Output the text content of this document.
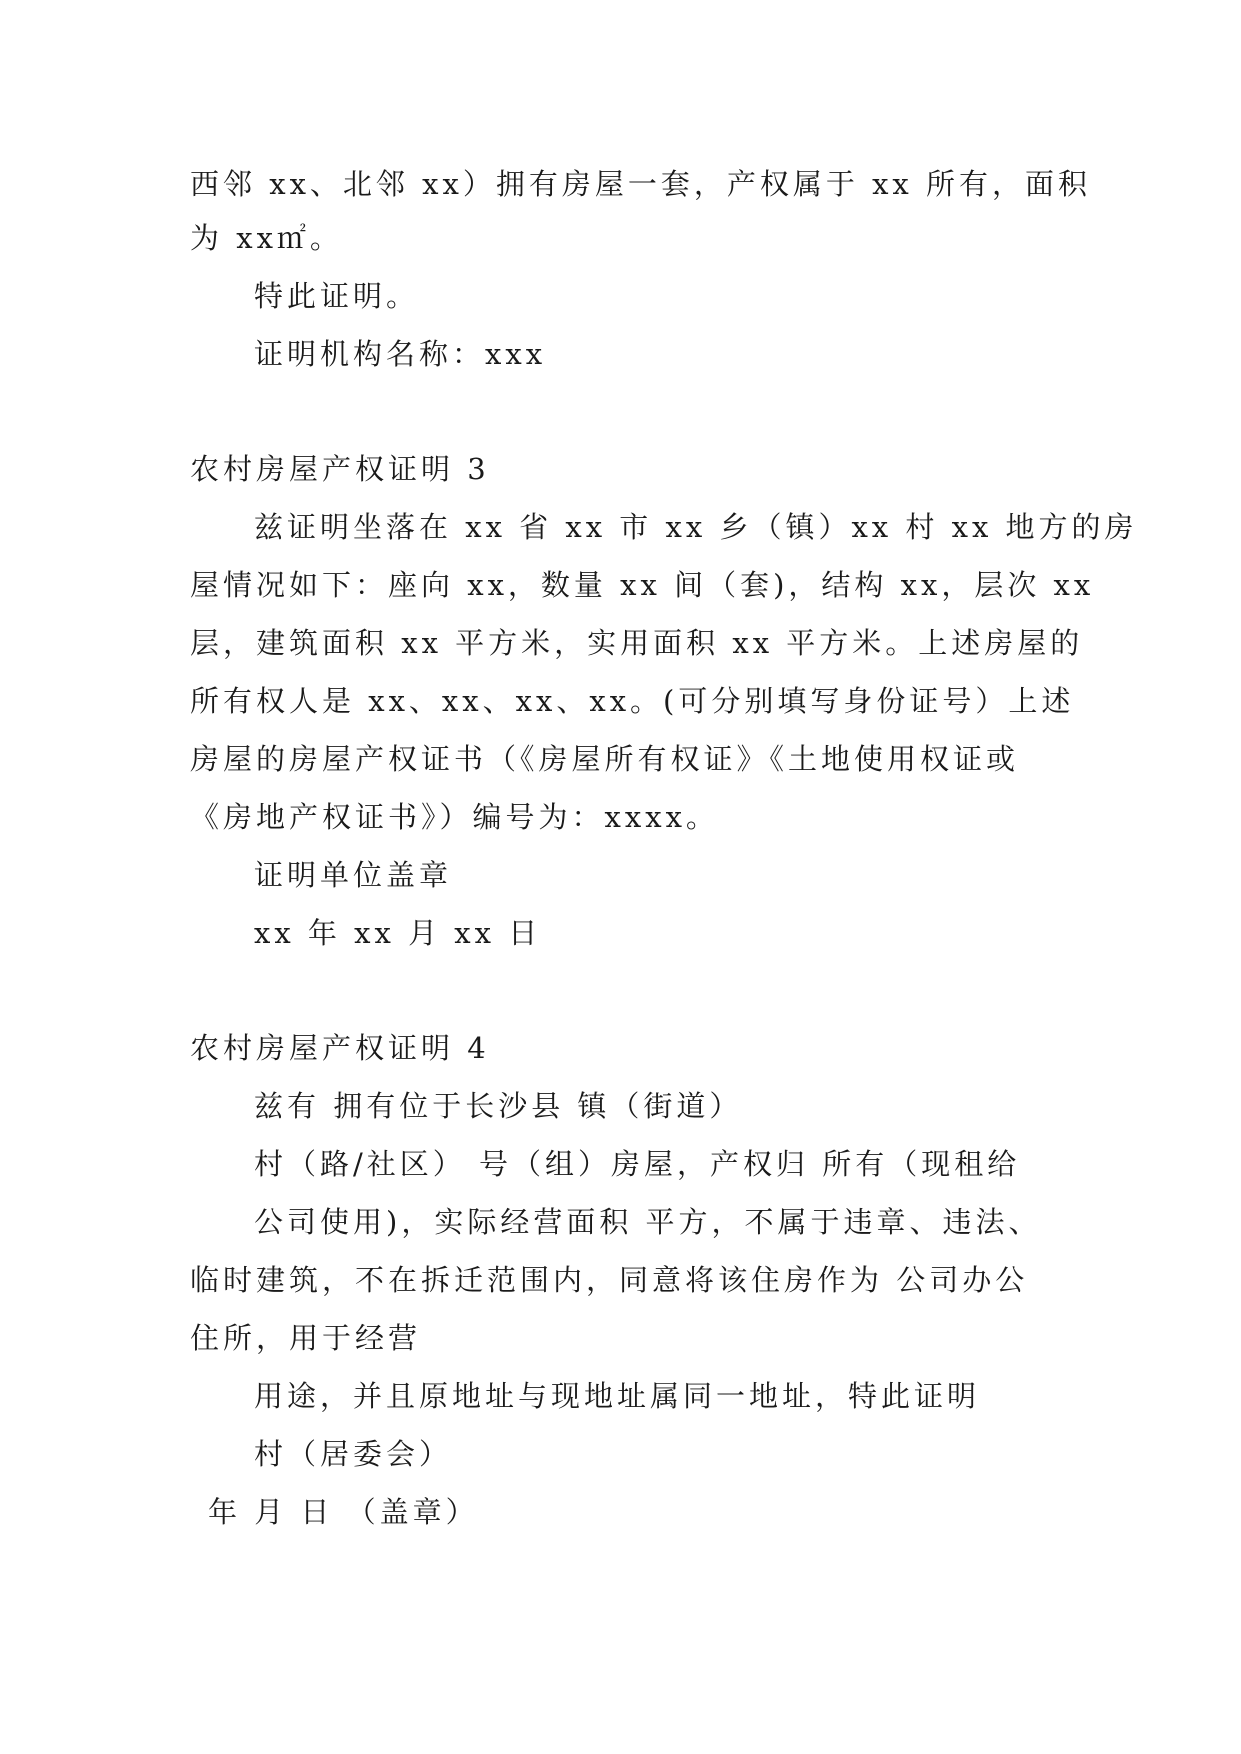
西邻 xx、北邻 xx）拥有房屋一套，产权属于 xx 所有，面积
为 xx㎡。
特此证明。
证明机构名称：xxx
农村房屋产权证明 3
兹证明坐落在 xx 省 xx 市 xx 乡（镇）xx 村 xx 地方的房
屋情况如下：座向 xx，数量 xx 间（套)，结构 xx，层次 xx
层，建筑面积 xx 平方米，实用面积 xx 平方米。上述房屋的
所有权人是 xx、xx、xx、xx。(可分别填写身份证号）上述
房屋的房屋产权证书（《房屋所有权证》《土地使用权证或
《房地产权证书》）编号为：xxxx。
证明单位盖章
xx 年 xx 月 xx 日
农村房屋产权证明 4
兹有 拥有位于长沙县 镇（街道）
村（路/社区） 号（组）房屋，产权归 所有（现租给
公司使用)，实际经营面积 平方，不属于违章、违法、
临时建筑，不在拆迁范围内，同意将该住房作为 公司办公
住所，用于经营
用途，并且原地址与现地址属同一地址，特此证明
村（居委会）
年 月 日 （盖章）
